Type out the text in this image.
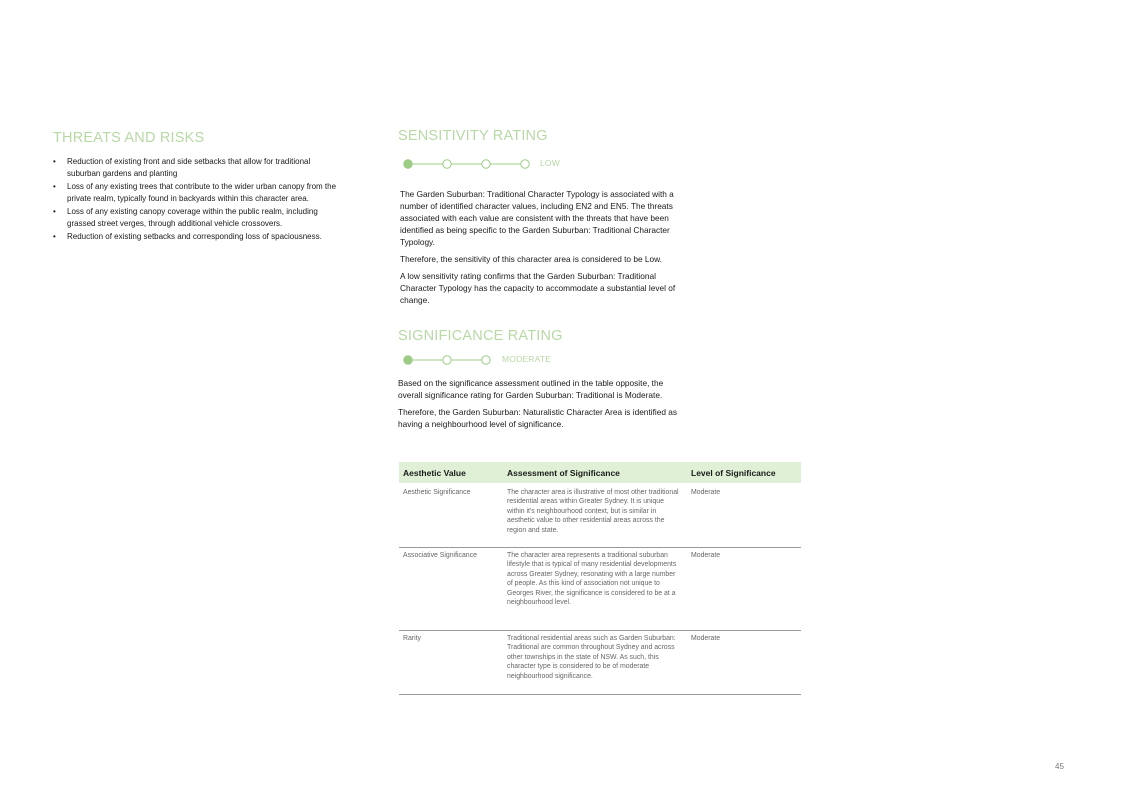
THREATS AND RISKS
• Reduction of existing front and side setbacks that allow for traditional suburban gardens and planting
• Loss of any existing trees that contribute to the wider urban canopy from the private realm, typically found in backyards within this character area.
• Loss of any existing canopy coverage within the public realm, including grassed street verges, through additional vehicle crossovers.
• Reduction of existing setbacks and corresponding loss of spaciousness.
SENSITIVITY RATING
LOW

The Garden Suburban: Traditional Character Typology is associated with a number of identified character values, including EN2 and EN5. The threats associated with each value are consistent with the threats that have been identified as being specific to the Garden Suburban: Traditional Character Typology.

Therefore, the sensitivity of this character area is considered to be Low.

A low sensitivity rating confirms that the Garden Suburban: Traditional Character Typology has the capacity to accommodate a substantial level of change.

SIGNIFICANCE RATING
MODERATE

Based on the significance assessment outlined in the table opposite, the overall significance rating for Garden Suburban: Traditional is Moderate.

Therefore, the Garden Suburban: Naturalistic Character Area is identified as having a neighbourhood level of significance.

Aesthetic Value	Assessment of Significance	Level of Significance
Aesthetic Significance	The character area is illustrative of most other traditional residential areas within Greater Sydney. It is unique within it's neighbourhood context, but is similar in aesthetic value to other residential areas across the region and state.	Moderate
Associative Significance	The character area represents a traditional suburban lifestyle that is typical of many residential developments across Greater Sydney, resonating with a large number of people. As this kind of association not unique to Georges River, the significance is considered to be at a neighbourhood level.	Moderate
Rarity	Traditional residential areas such as Garden Suburban: Traditional are common throughout Sydney and across other townships in the state of NSW. As such, this character type is considered to be of moderate neighbourhood significance.	Moderate
45
